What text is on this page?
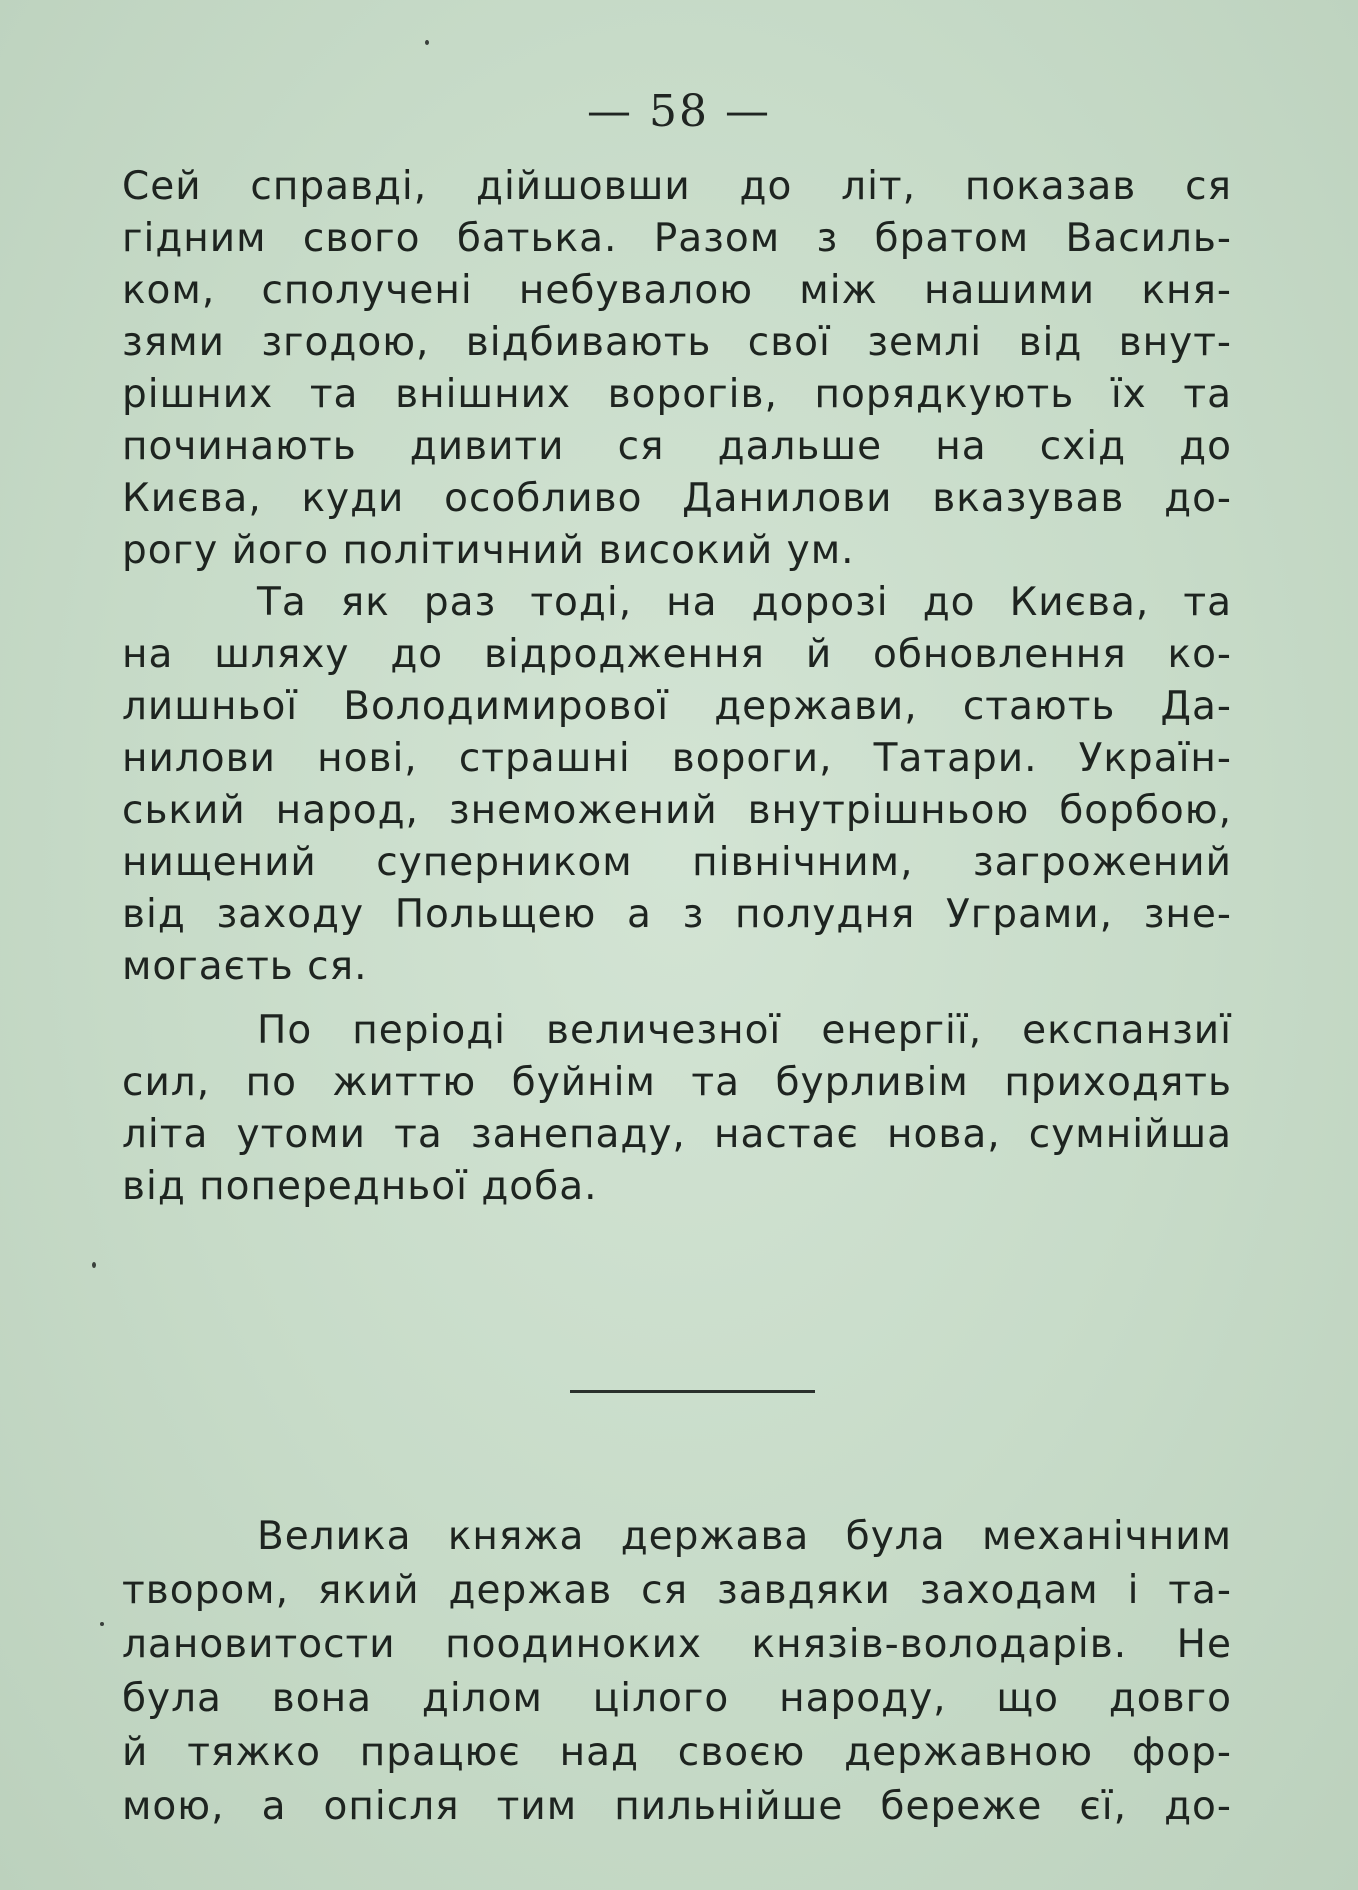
— 58 —
Сей справді, дійшовши до літ, показав ся
гідним свого батька. Разом з братом Василь-
ком, сполучені небувалою між нашими кня-
зями згодою, відбивають свої землі від внут-
рішних та внішних ворогів, порядкують їх та
починають дивити ся дальше на схід до
Києва, куди особливо Данилови вказував до-
рогу його політичний високий ум.
Та як раз тоді, на дорозі до Києва, та
на шляху до відродження й обновлення ко-
лишньої Володимирової держави, стають Да-
нилови нові, страшні вороги, Татари. Україн-
ський народ, знеможений внутрішньою борбою,
нищений суперником північним, загрожений
від заходу Польщею а з полудня Уграми, зне-
могаєть ся.
По періоді величезної енергії, експанзиї
сил, по життю буйнім та бурливім приходять
літа утоми та занепаду, настає нова, сумнійша
від попередньої доба.
Велика княжа держава була механічним
твором, який держав ся завдяки заходам і та-
лановитости поодиноких князів-володарів. Не
була вона ділом цілого народу, що довго
й тяжко працює над своєю державною фор-
мою, а опісля тим пильнійше береже єї, до-
